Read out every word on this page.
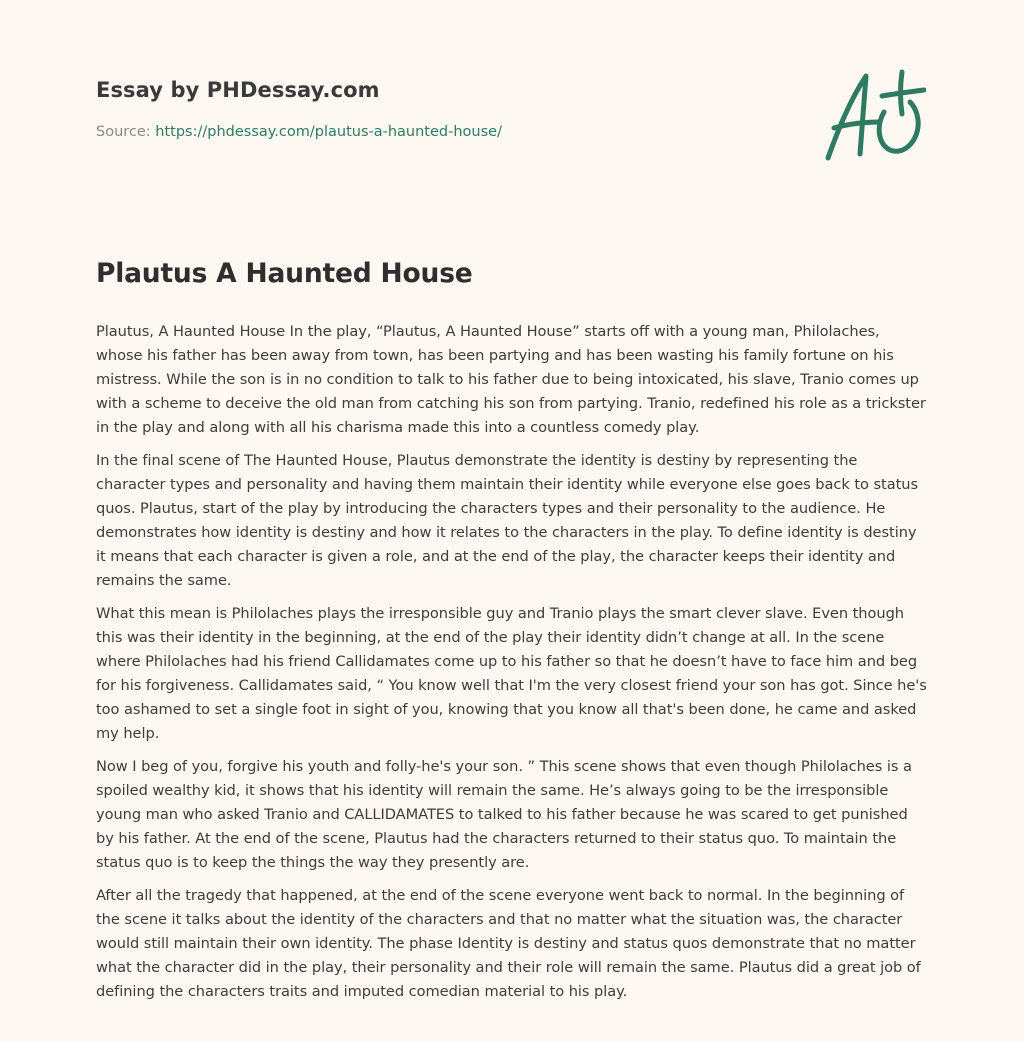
Essay by PHDessay.com
Source: https://phdessay.com/plautus-a-haunted-house/
Plautus A Haunted House

Plautus, A Haunted House In the play, “Plautus, A Haunted House” starts off with a young man, Philolaches, whose his father has been away from town, has been partying and has been wasting his family fortune on his mistress. While the son is in no condition to talk to his father due to being intoxicated, his slave, Tranio comes up with a scheme to deceive the old man from catching his son from partying. Tranio, redefined his role as a trickster in the play and along with all his charisma made this into a countless comedy play.

In the final scene of The Haunted House, Plautus demonstrate the identity is destiny by representing the character types and personality and having them maintain their identity while everyone else goes back to status quos. Plautus, start of the play by introducing the characters types and their personality to the audience. He demonstrates how identity is destiny and how it relates to the characters in the play. To define identity is destiny it means that each character is given a role, and at the end of the play, the character keeps their identity and remains the same.

What this mean is Philolaches plays the irresponsible guy and Tranio plays the smart clever slave. Even though this was their identity in the beginning, at the end of the play their identity didn’t change at all. In the scene where Philolaches had his friend Callidamates come up to his father so that he doesn’t have to face him and beg for his forgiveness. Callidamates said, “ You know well that I'm the very closest friend your son has got. Since he's too ashamed to set a single foot in sight of you, knowing that you know all that's been done, he came and asked my help.

Now I beg of you, forgive his youth and folly-he's your son. ” This scene shows that even though Philolaches is a spoiled wealthy kid, it shows that his identity will remain the same. He’s always going to be the irresponsible young man who asked Tranio and CALLIDAMATES to talked to his father because he was scared to get punished by his father. At the end of the scene, Plautus had the characters returned to their status quo. To maintain the status quo is to keep the things the way they presently are.

After all the tragedy that happened, at the end of the scene everyone went back to normal. In the beginning of the scene it talks about the identity of the characters and that no matter what the situation was, the character would still maintain their own identity. The phase Identity is destiny and status quos demonstrate that no matter what the character did in the play, their personality and their role will remain the same. Plautus did a great job of defining the characters traits and imputed comedian material to his play.
